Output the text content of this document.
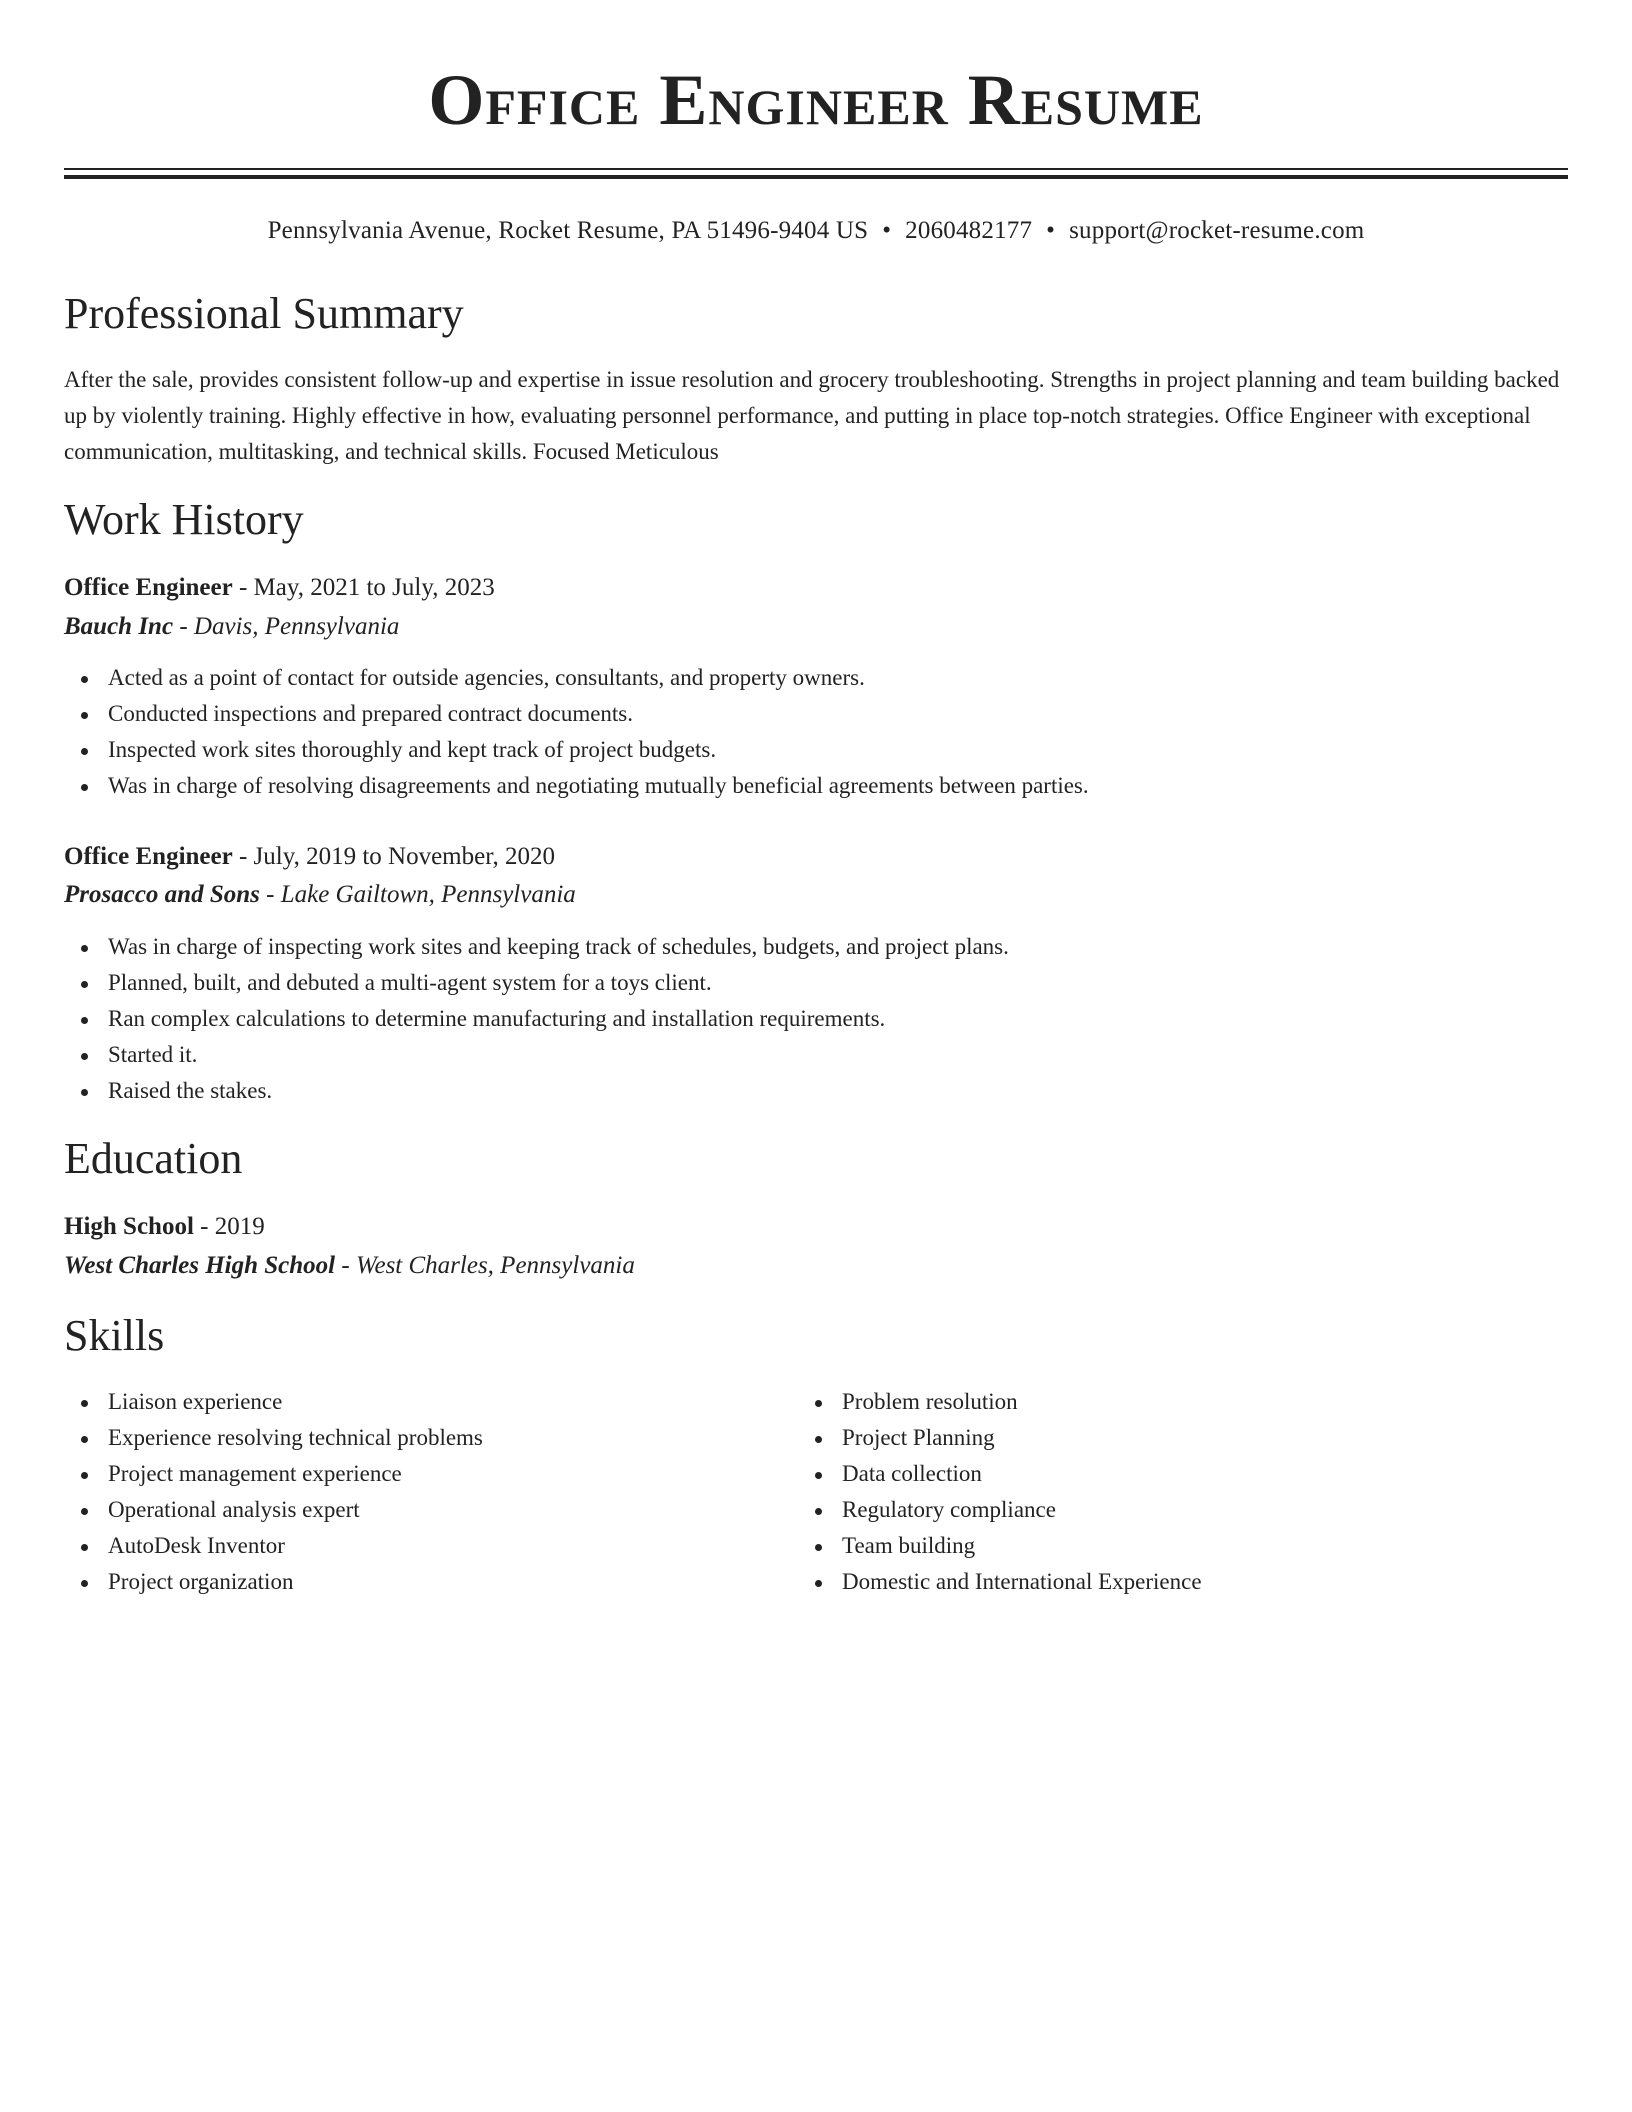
Office Engineer Resume
Pennsylvania Avenue, Rocket Resume, PA 51496-9404 US • 2060482177 • support@rocket-resume.com
Professional Summary

After the sale, provides consistent follow-up and expertise in issue resolution and grocery troubleshooting. Strengths in project planning and team building backed up by violently training. Highly effective in how, evaluating personnel performance, and putting in place top-notch strategies. Office Engineer with exceptional communication, multitasking, and technical skills. Focused Meticulous

Work History
Office Engineer - May, 2021 to July, 2023
Bauch Inc - Davis, Pennsylvania
Acted as a point of contact for outside agencies, consultants, and property owners.
Conducted inspections and prepared contract documents.
Inspected work sites thoroughly and kept track of project budgets.
Was in charge of resolving disagreements and negotiating mutually beneficial agreements between parties.
Office Engineer - July, 2019 to November, 2020
Prosacco and Sons - Lake Gailtown, Pennsylvania
Was in charge of inspecting work sites and keeping track of schedules, budgets, and project plans.
Planned, built, and debuted a multi-agent system for a toys client.
Ran complex calculations to determine manufacturing and installation requirements.
Started it.
Raised the stakes.
Education
High School - 2019
West Charles High School - West Charles, Pennsylvania
Skills
Liaison experience
Experience resolving technical problems
Project management experience
Operational analysis expert
AutoDesk Inventor
Project organization
Problem resolution
Project Planning
Data collection
Regulatory compliance
Team building
Domestic and International Experience
